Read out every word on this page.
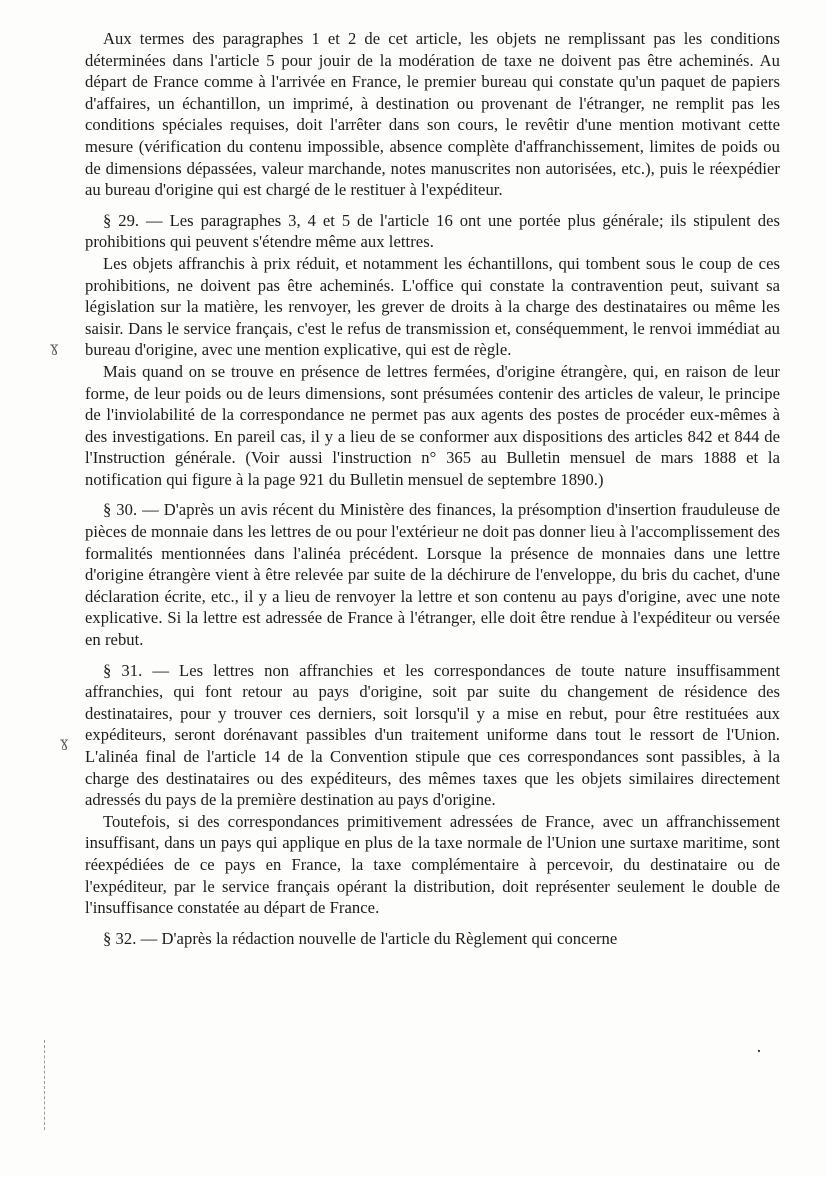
Aux termes des paragraphes 1 et 2 de cet article, les objets ne remplissant pas les conditions déterminées dans l'article 5 pour jouir de la modération de taxe ne doivent pas être acheminés. Au départ de France comme à l'arrivée en France, le premier bureau qui constate qu'un paquet de papiers d'affaires, un échantillon, un imprimé, à destination ou provenant de l'étranger, ne remplit pas les conditions spéciales requises, doit l'arrêter dans son cours, le revêtir d'une mention motivant cette mesure (vérification du contenu impossible, absence complète d'affranchissement, limites de poids ou de dimensions dépassées, valeur marchande, notes manuscrites non autorisées, etc.), puis le réexpédier au bureau d'origine qui est chargé de le restituer à l'expéditeur.

§ 29. — Les paragraphes 3, 4 et 5 de l'article 16 ont une portée plus générale; ils stipulent des prohibitions qui peuvent s'étendre même aux lettres.

Les objets affranchis à prix réduit, et notamment les échantillons, qui tombent sous le coup de ces prohibitions, ne doivent pas être acheminés. L'office qui constate la contravention peut, suivant sa législation sur la matière, les renvoyer, les grever de droits à la charge des destinataires ou même les saisir. Dans le service français, c'est le refus de transmission et, conséquemment, le renvoi immédiat au bureau d'origine, avec une mention explicative, qui est de règle.

Mais quand on se trouve en présence de lettres fermées, d'origine étrangère, qui, en raison de leur forme, de leur poids ou de leurs dimensions, sont présumées contenir des articles de valeur, le principe de l'inviolabilité de la correspondance ne permet pas aux agents des postes de procéder eux-mêmes à des investigations. En pareil cas, il y a lieu de se conformer aux dispositions des articles 842 et 844 de l'Instruction générale. (Voir aussi l'instruction n° 365 au Bulletin mensuel de mars 1888 et la notification qui figure à la page 921 du Bulletin mensuel de septembre 1890.)

§ 30. — D'après un avis récent du Ministère des finances, la présomption d'insertion frauduleuse de pièces de monnaie dans les lettres de ou pour l'extérieur ne doit pas donner lieu à l'accomplissement des formalités mentionnées dans l'alinéa précédent. Lorsque la présence de monnaies dans une lettre d'origine étrangère vient à être relevée par suite de la déchirure de l'enveloppe, du bris du cachet, d'une déclaration écrite, etc., il y a lieu de renvoyer la lettre et son contenu au pays d'origine, avec une note explicative. Si la lettre est adressée de France à l'étranger, elle doit être rendue à l'expéditeur ou versée en rebut.

§ 31. — Les lettres non affranchies et les correspondances de toute nature insuffisamment affranchies, qui font retour au pays d'origine, soit par suite du changement de résidence des destinataires, pour y trouver ces derniers, soit lorsqu'il y a mise en rebut, pour être restituées aux expéditeurs, seront dorénavant passibles d'un traitement uniforme dans tout le ressort de l'Union. L'alinéa final de l'article 14 de la Convention stipule que ces correspondances sont passibles, à la charge des destinataires ou des expéditeurs, des mêmes taxes que les objets similaires directement adressés du pays de la première destination au pays d'origine.

Toutefois, si des correspondances primitivement adressées de France, avec un affranchissement insuffisant, dans un pays qui applique en plus de la taxe normale de l'Union une surtaxe maritime, sont réexpédiées de ce pays en France, la taxe complémentaire à percevoir, du destinataire ou de l'expéditeur, par le service français opérant la distribution, doit représenter seulement le double de l'insuffisance constatée au départ de France.

§ 32. — D'après la rédaction nouvelle de l'article du Règlement qui concerne

ɣ
ɣ
